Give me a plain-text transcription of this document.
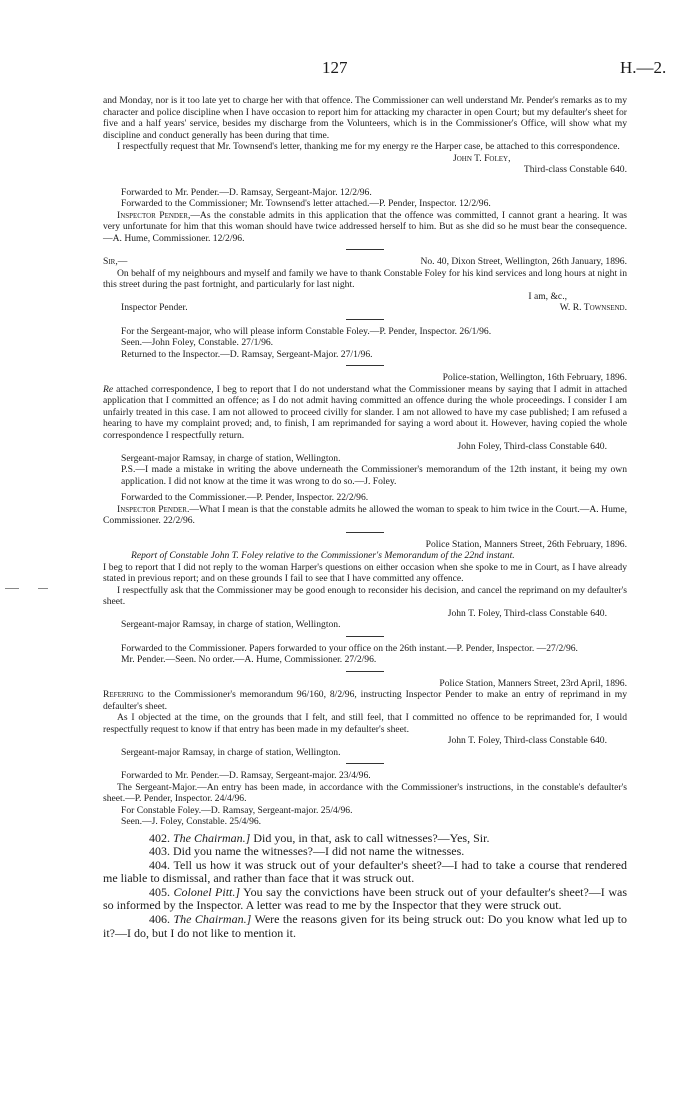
127	H.—2.

and Monday, nor is it too late yet to charge her with that offence. The Commissioner can well understand Mr. Pender's remarks as to my character and police discipline when I have occasion to report him for attacking my character in open Court; but my defaulter's sheet for five and a half years' service, besides my discharge from the Volunteers, which is in the Commissioner's Office, will show what my discipline and conduct generally has been during that time.

I respectfully request that Mr. Townsend's letter, thanking me for my energy re the Harper case, be attached to this correspondence.

John T. Foley,

Third-class Constable 640.

Forwarded to Mr. Pender.—D. Ramsay, Sergeant-Major. 12/2/96.

Forwarded to the Commissioner; Mr. Townsend's letter attached.—P. Pender, Inspector. 12/2/96.

Inspector Pender,—As the constable admits in this application that the offence was committed, I cannot grant a hearing. It was very unfortunate for him that this woman should have twice addressed herself to him. But as she did so he must bear the consequence.—A. Hume, Commissioner. 12/2/96.

Sir,—	No. 40, Dixon Street, Wellington, 26th January, 1896.

On behalf of my neighbours and myself and family we have to thank Constable Foley for his kind services and long hours at night in this street during the past fortnight, and particularly for last night.

I am, &c.,

Inspector Pender.	W. R. Townsend.

For the Sergeant-major, who will please inform Constable Foley.—P. Pender, Inspector. 26/1/96.

Seen.—John Foley, Constable. 27/1/96.

Returned to the Inspector.—D. Ramsay, Sergeant-Major. 27/1/96.

Police-station, Wellington, 16th February, 1896.

Re attached correspondence, I beg to report that I do not understand what the Commissioner means by saying that I admit in attached application that I committed an offence; as I do not admit having committed an offence during the whole proceedings. I consider I am unfairly treated in this case. I am not allowed to proceed civilly for slander. I am not allowed to have my case published; I am refused a hearing to have my complaint proved; and, to finish, I am reprimanded for saying a word about it. However, having copied the whole correspondence I respectfully return.

John Foley, Third-class Constable 640.

Sergeant-major Ramsay, in charge of station, Wellington.

P.S.—I made a mistake in writing the above underneath the Commissioner's memorandum of the 12th instant, it being my own application. I did not know at the time it was wrong to do so.—J. Foley.

Forwarded to the Commissioner.—P. Pender, Inspector. 22/2/96.

Inspector Pender.—What I mean is that the constable admits he allowed the woman to speak to him twice in the Court.—A. Hume, Commissioner. 22/2/96.

Police Station, Manners Street, 26th February, 1896.

Report of Constable John T. Foley relative to the Commissioner's Memorandum of the 22nd instant.

I beg to report that I did not reply to the woman Harper's questions on either occasion when she spoke to me in Court, as I have already stated in previous report; and on these grounds I fail to see that I have committed any offence.

I respectfully ask that the Commissioner may be good enough to reconsider his decision, and cancel the reprimand on my defaulter's sheet.

John T. Foley, Third-class Constable 640.

Sergeant-major Ramsay, in charge of station, Wellington.

Forwarded to the Commissioner. Papers forwarded to your office on the 26th instant.—P. Pender, Inspector. —27/2/96.

Mr. Pender.—Seen. No order.—A. Hume, Commissioner. 27/2/96.

Police Station, Manners Street, 23rd April, 1896.

Referring to the Commissioner's memorandum 96/160, 8/2/96, instructing Inspector Pender to make an entry of reprimand in my defaulter's sheet.

As I objected at the time, on the grounds that I felt, and still feel, that I committed no offence to be reprimanded for, I would respectfully request to know if that entry has been made in my defaulter's sheet.

John T. Foley, Third-class Constable 640.

Sergeant-major Ramsay, in charge of station, Wellington.

Forwarded to Mr. Pender.—D. Ramsay, Sergeant-major. 23/4/96.

The Sergeant-Major.—An entry has been made, in accordance with the Commissioner's instructions, in the constable's defaulter's sheet.—P. Pender, Inspector. 24/4/96.

For Constable Foley.—D. Ramsay, Sergeant-major. 25/4/96.

Seen.—J. Foley, Constable. 25/4/96.

402. The Chairman.] Did you, in that, ask to call witnesses?—Yes, Sir.

403. Did you name the witnesses?—I did not name the witnesses.

404. Tell us how it was struck out of your defaulter's sheet?—I had to take a course that rendered me liable to dismissal, and rather than face that it was struck out.

405. Colonel Pitt.] You say the convictions have been struck out of your defaulter's sheet?—I was so informed by the Inspector. A letter was read to me by the Inspector that they were struck out.

406. The Chairman.] Were the reasons given for its being struck out: Do you know what led up to it?—I do, but I do not like to mention it.
